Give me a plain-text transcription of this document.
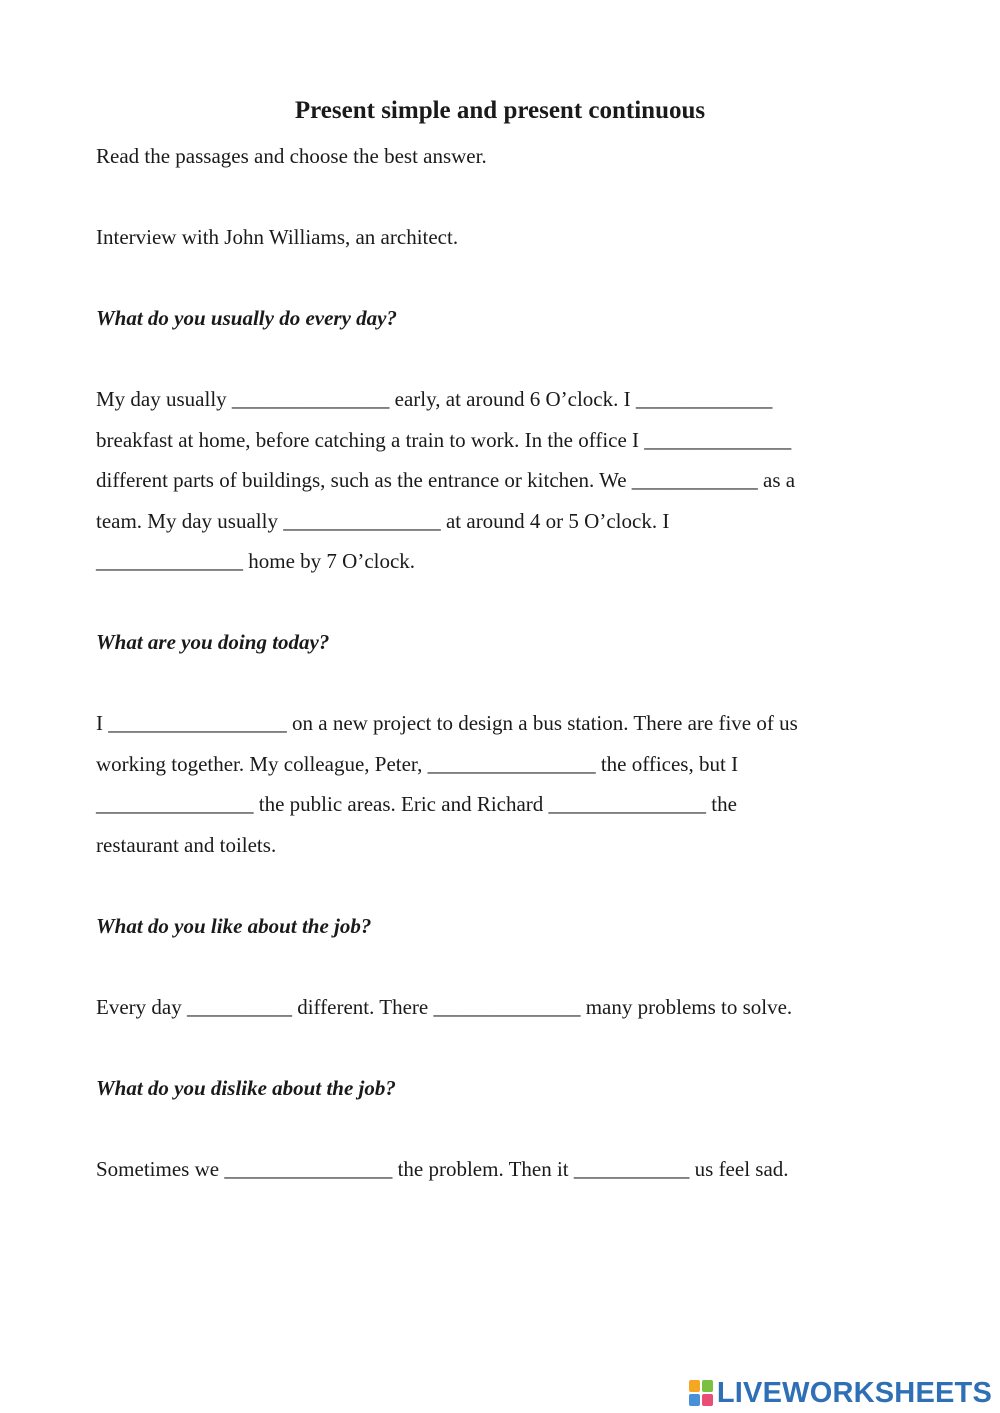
Present simple and present continuous

Read the passages and choose the best answer.

Interview with John Williams, an architect.

What do you usually do every day?

My day usually _______________ early, at around 6 O’clock. I _____________
breakfast at home, before catching a train to work. In the office I ______________
different parts of buildings, such as the entrance or kitchen. We ____________ as a
team. My day usually _______________ at around 4 or 5 O’clock. I
______________ home by 7 O’clock.

What are you doing today?

I _________________ on a new project to design a bus station. There are five of us
working together. My colleague, Peter, ________________ the offices, but I
_______________ the public areas. Eric and Richard _______________ the
restaurant and toilets.

What do you like about the job?

Every day __________ different. There ______________ many problems to solve.

What do you dislike about the job?

Sometimes we ________________ the problem. Then it ___________ us feel sad.
LIVEWORKSHEETS
